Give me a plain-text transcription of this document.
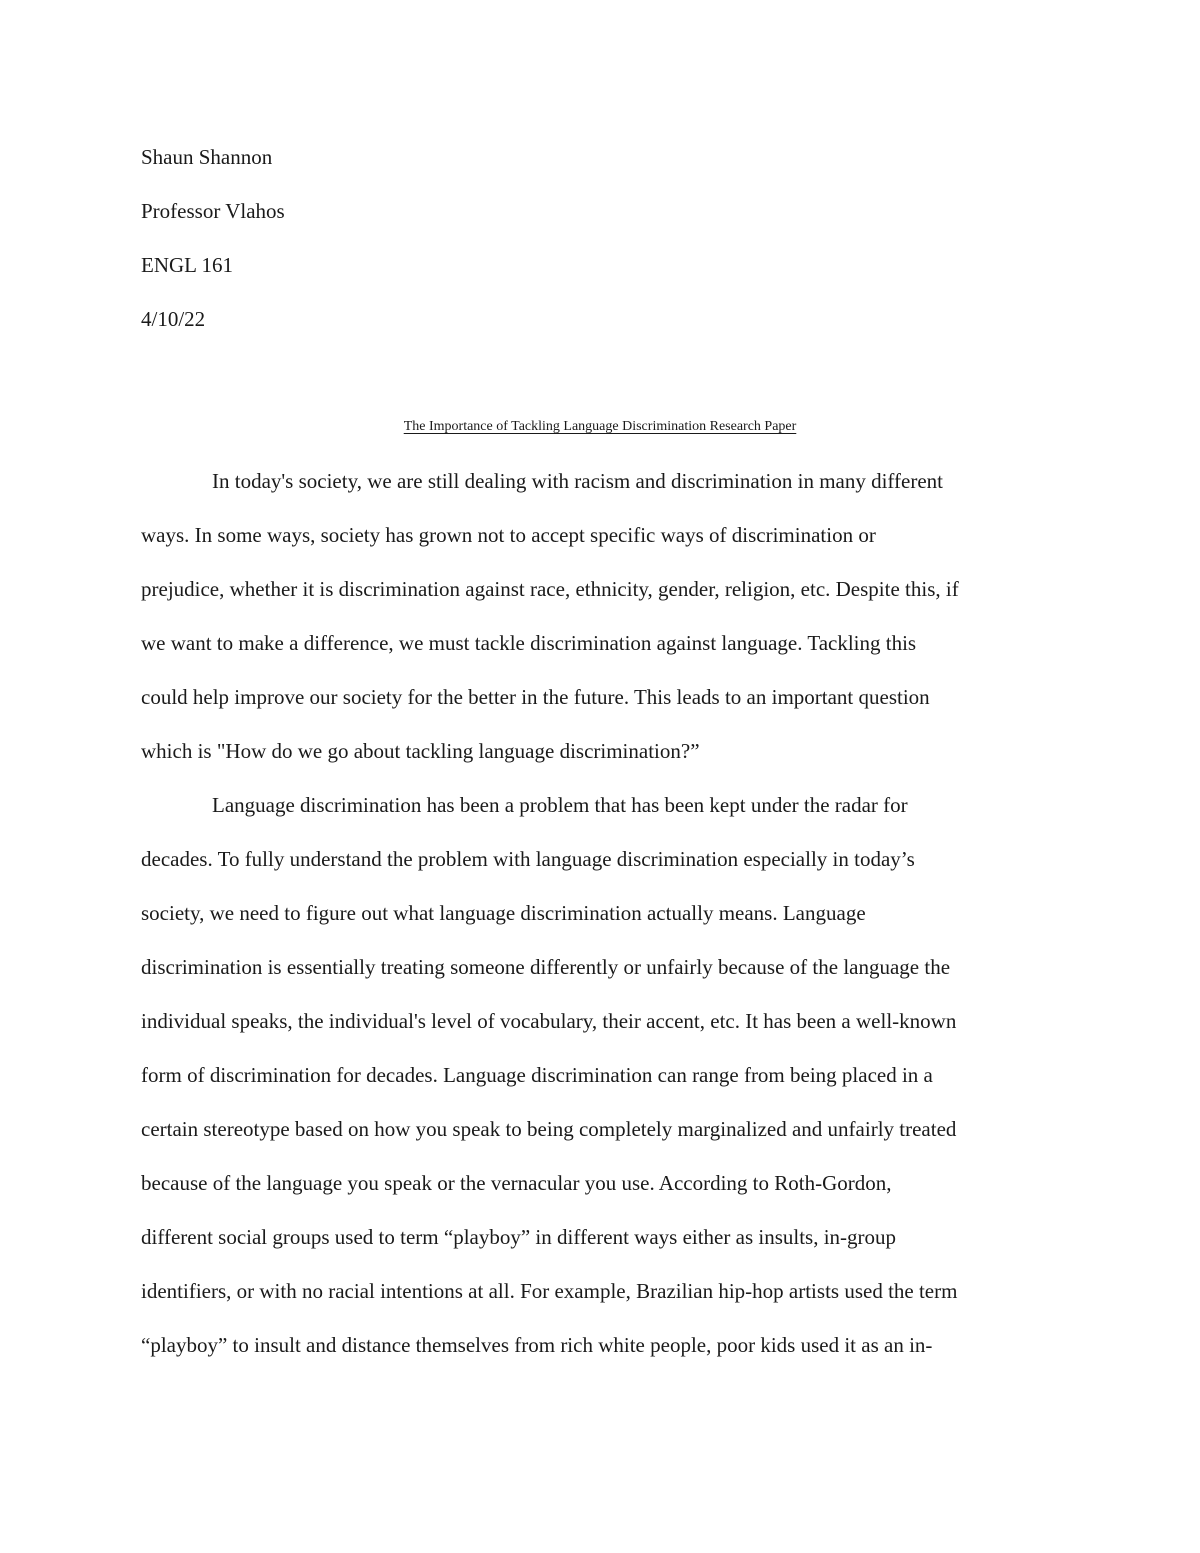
Shaun Shannon
Professor Vlahos
ENGL 161
4/10/22
The Importance of Tackling Language Discrimination Research Paper
In today's society, we are still dealing with racism and discrimination in many different
ways. In some ways, society has grown not to accept specific ways of discrimination or
prejudice, whether it is discrimination against race, ethnicity, gender, religion, etc. Despite this, if
we want to make a difference, we must tackle discrimination against language. Tackling this
could help improve our society for the better in the future. This leads to an important question
which is "How do we go about tackling language discrimination?”
Language discrimination has been a problem that has been kept under the radar for
decades. To fully understand the problem with language discrimination especially in today’s
society, we need to figure out what language discrimination actually means. Language
discrimination is essentially treating someone differently or unfairly because of the language the
individual speaks, the individual's level of vocabulary, their accent, etc. It has been a well-known
form of discrimination for decades. Language discrimination can range from being placed in a
certain stereotype based on how you speak to being completely marginalized and unfairly treated
because of the language you speak or the vernacular you use. According to Roth-Gordon,
different social groups used to term “playboy” in different ways either as insults, in-group
identifiers, or with no racial intentions at all. For example, Brazilian hip-hop artists used the term
“playboy” to insult and distance themselves from rich white people, poor kids used it as an in-
